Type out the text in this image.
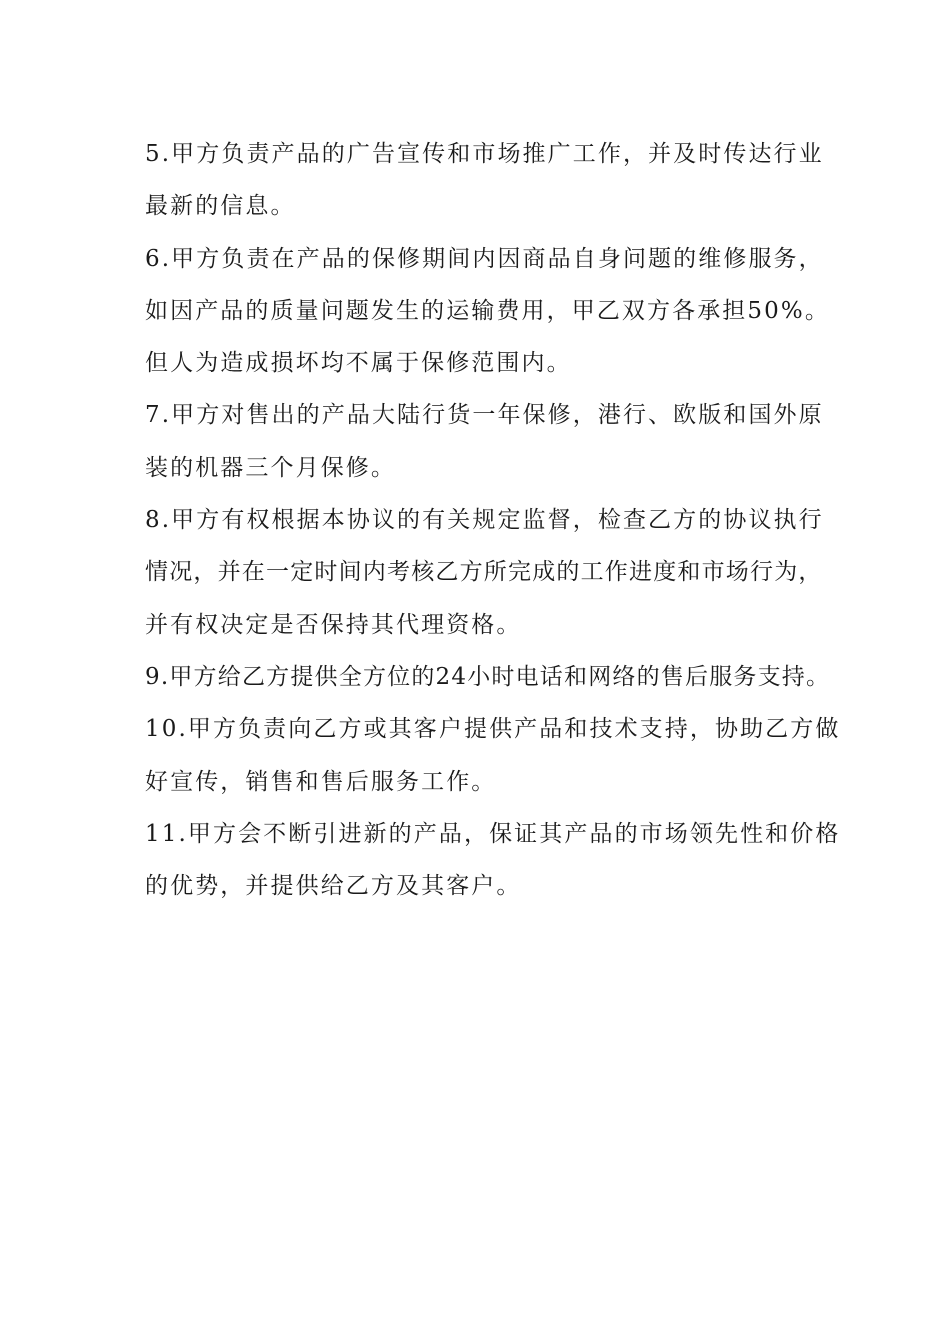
5.甲方负责产品的广告宣传和市场推广工作，并及时传达行业
最新的信息。
6.甲方负责在产品的保修期间内因商品自身问题的维修服务，
如因产品的质量问题发生的运输费用，甲乙双方各承担50%。
但人为造成损坏均不属于保修范围内。
7.甲方对售出的产品大陆行货一年保修，港行、欧版和国外原
装的机器三个月保修。
8.甲方有权根据本协议的有关规定监督，检查乙方的协议执行
情况，并在一定时间内考核乙方所完成的工作进度和市场行为，
并有权决定是否保持其代理资格。
9.甲方给乙方提供全方位的24小时电话和网络的售后服务支持。
10.甲方负责向乙方或其客户提供产品和技术支持，协助乙方做
好宣传，销售和售后服务工作。
11.甲方会不断引进新的产品，保证其产品的市场领先性和价格
的优势，并提供给乙方及其客户。
